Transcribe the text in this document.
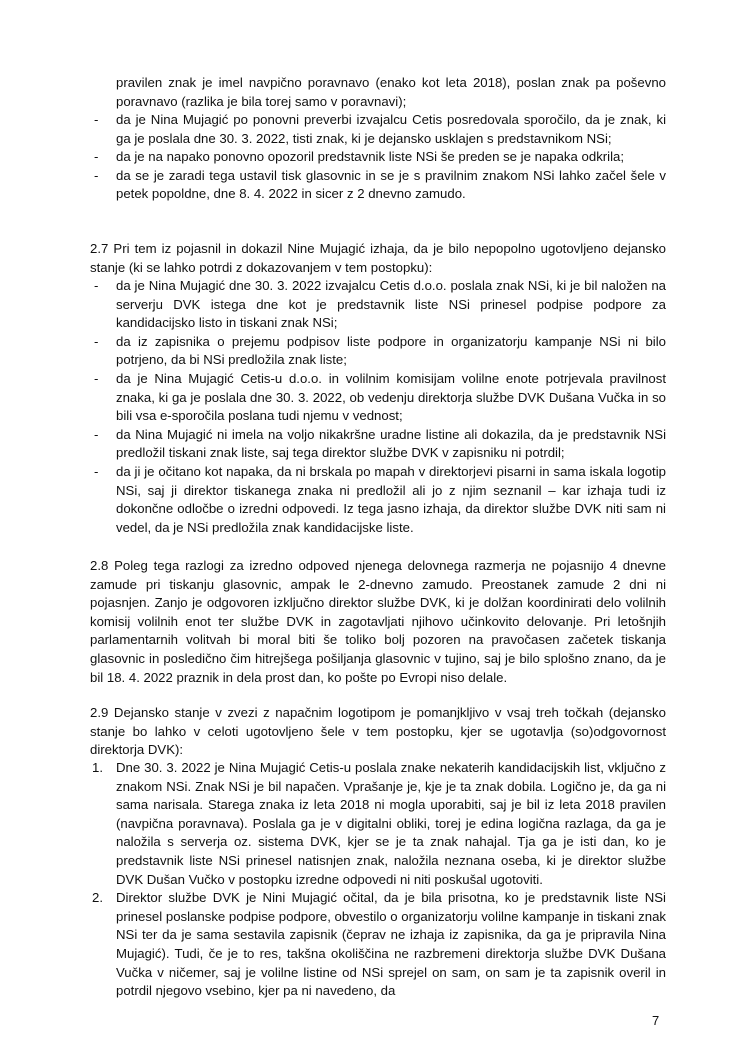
pravilen znak je imel navpično poravnavo (enako kot leta 2018), poslan znak pa poševno poravnavo (razlika je bila torej samo v poravnavi);

- da je Nina Mujagić po ponovni preverbi izvajalcu Cetis posredovala sporočilo, da je znak, ki ga je poslala dne 30. 3. 2022, tisti znak, ki je dejansko usklajen s predstavnikom NSi;
- da je na napako ponovno opozoril predstavnik liste NSi še preden se je napaka odkrila;
- da se je zaradi tega ustavil tisk glasovnic in se je s pravilnim znakom NSi lahko začel šele v petek popoldne, dne 8. 4. 2022 in sicer z 2 dnevno zamudo.

2.7 Pri tem iz pojasnil in dokazil Nine Mujagić izhaja, da je bilo nepopolno ugotovljeno dejansko stanje (ki se lahko potrdi z dokazovanjem v tem postopku):

- da je Nina Mujagić dne 30. 3. 2022 izvajalcu Cetis d.o.o. poslala znak NSi, ki je bil naložen na serverju DVK istega dne kot je predstavnik liste NSi prinesel podpise podpore za kandidacijsko listo in tiskani znak NSi;
- da iz zapisnika o prejemu podpisov liste podpore in organizatorju kampanje NSi ni bilo potrjeno, da bi NSi predložila znak liste;
- da je Nina Mujagić Cetis-u d.o.o. in volilnim komisijam volilne enote potrjevala pravilnost znaka, ki ga je poslala dne 30. 3. 2022, ob vedenju direktorja službe DVK Dušana Vučka in so bili vsa e-sporočila poslana tudi njemu v vednost;
- da Nina Mujagić ni imela na voljo nikakršne uradne listine ali dokazila, da je predstavnik NSi predložil tiskani znak liste, saj tega direktor službe DVK v zapisniku ni potrdil;
- da ji je očitano kot napaka, da ni brskala po mapah v direktorjevi pisarni in sama iskala logotip NSi, saj ji direktor tiskanega znaka ni predložil ali jo z njim seznanil – kar izhaja tudi iz dokončne odločbe o izredni odpovedi. Iz tega jasno izhaja, da direktor službe DVK niti sam ni vedel, da je NSi predložila znak kandidacijske liste.

2.8 Poleg tega razlogi za izredno odpoved njenega delovnega razmerja ne pojasnijo 4 dnevne zamude pri tiskanju glasovnic, ampak le 2-dnevno zamudo. Preostanek zamude 2 dni ni pojasnjen. Zanjo je odgovoren izključno direktor službe DVK, ki je dolžan koordinirati delo volilnih komisij volilnih enot ter službe DVK in zagotavljati njihovo učinkovito delovanje. Pri letošnjih parlamentarnih volitvah bi moral biti še toliko bolj pozoren na pravočasen začetek tiskanja glasovnic in posledično čim hitrejšega pošiljanja glasovnic v tujino, saj je bilo splošno znano, da je bil 18. 4. 2022 praznik in dela prost dan, ko pošte po Evropi niso delale.

2.9 Dejansko stanje v zvezi z napačnim logotipom je pomanjkljivo v vsaj treh točkah (dejansko stanje bo lahko v celoti ugotovljeno šele v tem postopku, kjer se ugotavlja (so)odgovornost direktorja DVK):

1. Dne 30. 3. 2022 je Nina Mujagić Cetis-u poslala znake nekaterih kandidacijskih list, vključno z znakom NSi. Znak NSi je bil napačen. Vprašanje je, kje je ta znak dobila. Logično je, da ga ni sama narisala. Starega znaka iz leta 2018 ni mogla uporabiti, saj je bil iz leta 2018 pravilen (navpična poravnava). Poslala ga je v digitalni obliki, torej je edina logična razlaga, da ga je naložila s serverja oz. sistema DVK, kjer se je ta znak nahajal. Tja ga je isti dan, ko je predstavnik liste NSi prinesel natisnjen znak, naložila neznana oseba, ki je direktor službe DVK Dušan Vučko v postopku izredne odpovedi ni niti poskušal ugotoviti.
2. Direktor službe DVK je Nini Mujagić očital, da je bila prisotna, ko je predstavnik liste NSi prinesel poslanske podpise podpore, obvestilo o organizatorju volilne kampanje in tiskani znak NSi ter da je sama sestavila zapisnik (čeprav ne izhaja iz zapisnika, da ga je pripravila Nina Mujagić). Tudi, če je to res, takšna okoliščina ne razbremeni direktorja službe DVK Dušana Vučka v ničemer, saj je volilne listine od NSi sprejel on sam, on sam je ta zapisnik overil in potrdil njegovo vsebino, kjer pa ni navedeno, da
7
